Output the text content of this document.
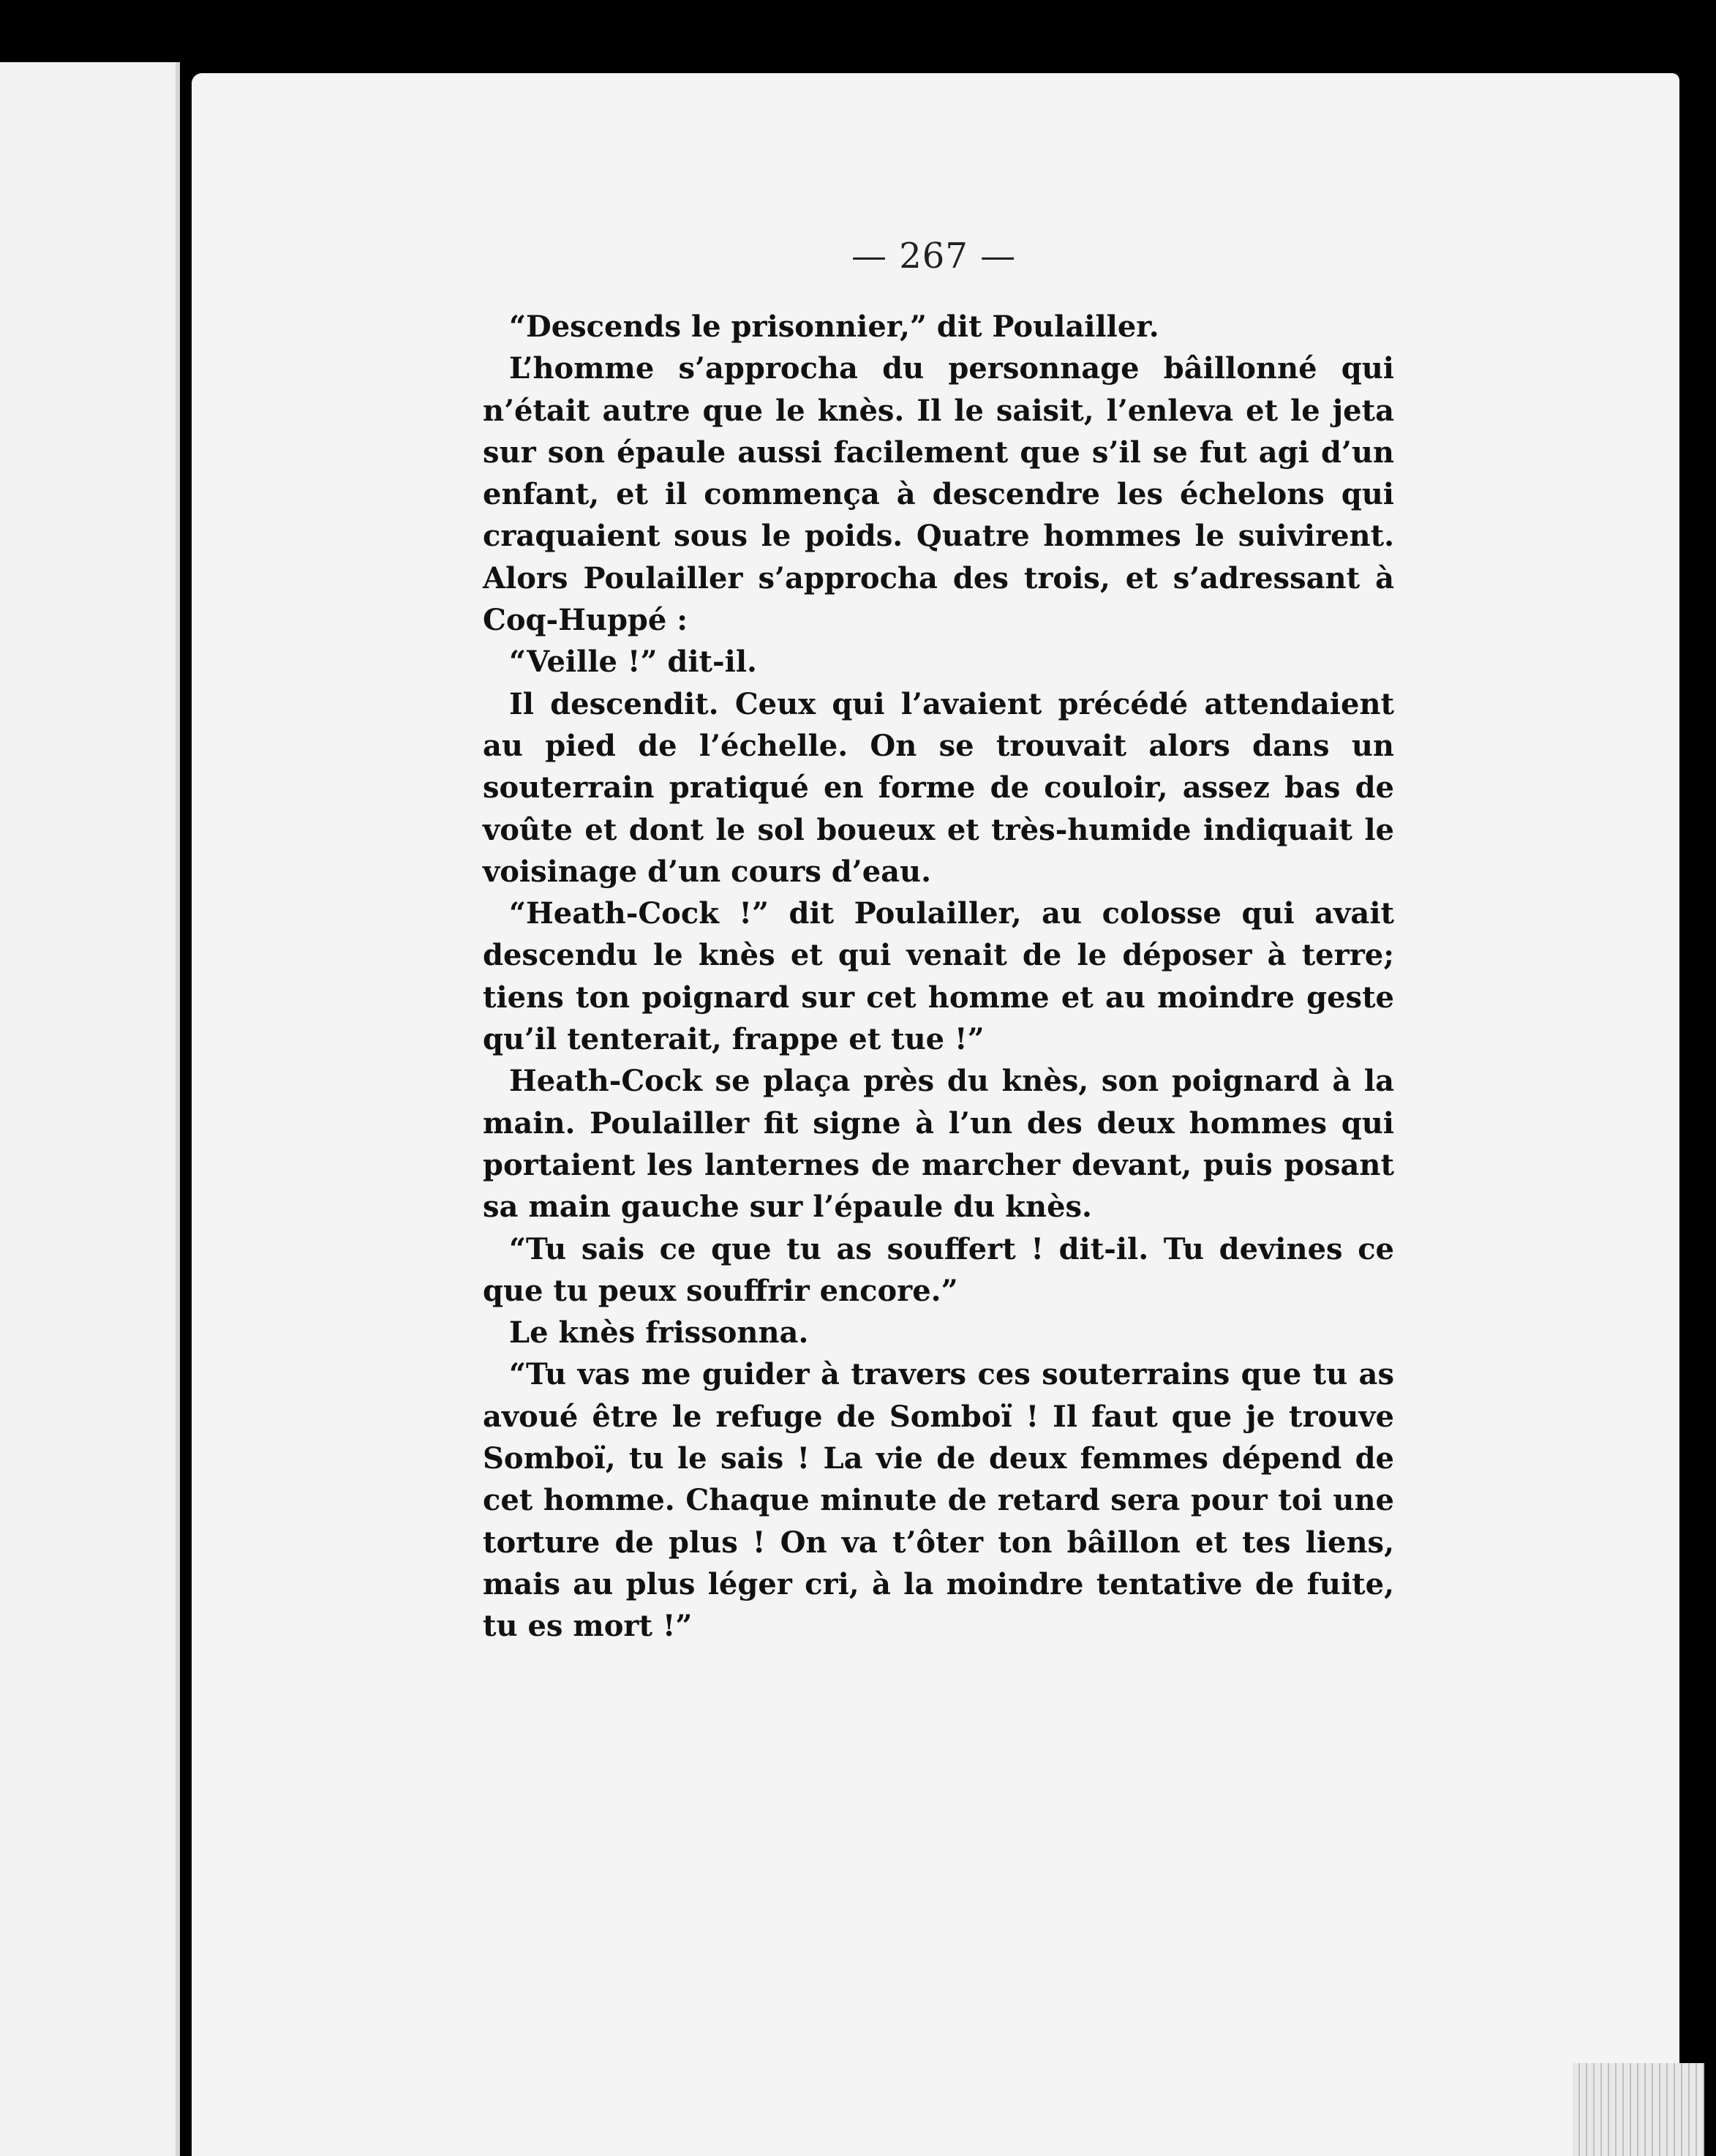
— 267 —

“Descends le prisonnier,” dit Poulailler.

L’homme s’approcha du personnage bâillonné qui n’était autre que le knès. Il le saisit, l’enleva et le jeta sur son épaule aussi facilement que s’il se fut agi d’un enfant, et il commença à descendre les échelons qui craquaient sous le poids. Quatre hommes le suivirent. Alors Poulailler s’approcha des trois, et s’adressant à Coq-Huppé :

“Veille !” dit-il.

Il descendit. Ceux qui l’avaient précédé attendaient au pied de l’échelle. On se trouvait alors dans un souterrain pratiqué en forme de couloir, assez bas de voûte et dont le sol boueux et très-humide indiquait le voisinage d’un cours d’eau.

“Heath-Cock !” dit Poulailler, au colosse qui avait descendu le knès et qui venait de le déposer à terre; tiens ton poignard sur cet homme et au moindre geste qu’il tenterait, frappe et tue !”

Heath-Cock se plaça près du knès, son poignard à la main. Poulailler fit signe à l’un des deux hommes qui portaient les lanternes de marcher devant, puis posant sa main gauche sur l’épaule du knès.

“Tu sais ce que tu as souffert ! dit-il. Tu devines ce que tu peux souffrir encore.”

Le knès frissonna.

“Tu vas me guider à travers ces souterrains que tu as avoué être le refuge de Somboï ! Il faut que je trouve Somboï, tu le sais ! La vie de deux femmes dépend de cet homme. Chaque minute de retard sera pour toi une torture de plus ! On va t’ôter ton bâillon et tes liens, mais au plus léger cri, à la moindre tentative de fuite, tu es mort !”
